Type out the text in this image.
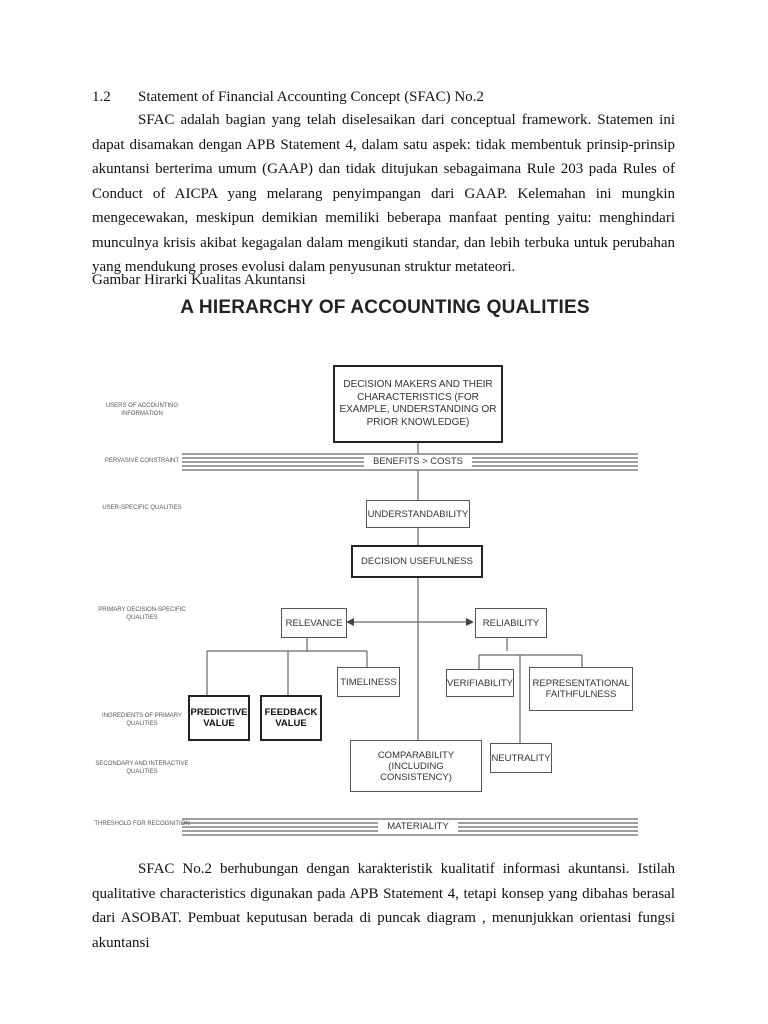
1.2 Statement of Financial Accounting Concept (SFAC) No.2

SFAC adalah bagian yang telah diselesaikan dari conceptual framework. Statemen ini dapat disamakan dengan APB Statement 4, dalam satu aspek: tidak membentuk prinsip-prinsip akuntansi berterima umum (GAAP) dan tidak ditujukan sebagaimana Rule 203 pada Rules of Conduct of AICPA yang melarang penyimpangan dari GAAP. Kelemahan ini mungkin mengecewakan, meskipun demikian memiliki beberapa manfaat penting yaitu: menghindari munculnya krisis akibat kegagalan dalam mengikuti standar, dan lebih terbuka untuk perubahan yang mendukung proses evolusi dalam penyusunan struktur metateori.

Gambar Hirarki Kualitas Akuntansi
A HIERARCHY OF ACCOUNTING QUALITIES
USERS OF ACCOUNTING INFORMATION
PERVASIVE CONSTRAINT
USER-SPECIFIC QUALITIES
PRIMARY DECISION-SPECIFIC QUALITIES
INGREDIENTS OF PRIMARY QUALITIES
SECONDARY AND INTERACTIVE QUALITIES
THRESHOLD FOR RECOGNITION
DECISION MAKERS AND THEIR CHARACTERISTICS (FOR EXAMPLE, UNDERSTANDING OR PRIOR KNOWLEDGE)
BENEFITS > COSTS
UNDERSTANDABILITY
DECISION USEFULNESS
RELEVANCE	RELIABILITY
PREDICTIVE VALUE
FEEDBACK VALUE
TIMELINESS	VERIFIABILITY	REPRESENTATIONAL FAITHFULNESS
NEUTRALITY
COMPARABILITY (INCLUDING CONSISTENCY)
MATERIALITY

SFAC No.2 berhubungan dengan karakteristik kualitatif informasi akuntansi. Istilah qualitative characteristics digunakan pada APB Statement 4, tetapi konsep yang dibahas berasal dari ASOBAT. Pembuat keputusan berada di puncak diagram , menunjukkan orientasi fungsi akuntansi
